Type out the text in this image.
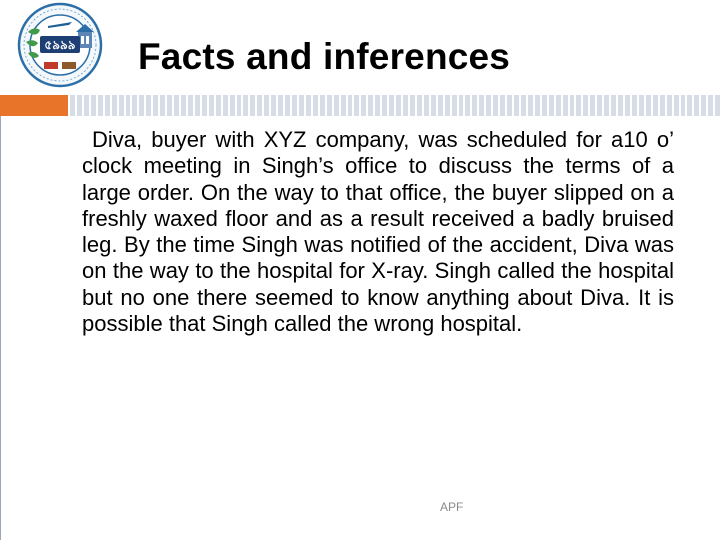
৫৯৯৯ Facts and inferences

Diva, buyer with XYZ company, was scheduled for a10 o’ clock meeting in Singh’s office to discuss the terms of a large order. On the way to that office, the buyer slipped on a freshly waxed floor and as a result received a badly bruised leg. By the time Singh was notified of the accident, Diva was on the way to the hospital for X-ray. Singh called the hospital but no one there seemed to know anything about Diva. It is possible that Singh called the wrong hospital.

APF
